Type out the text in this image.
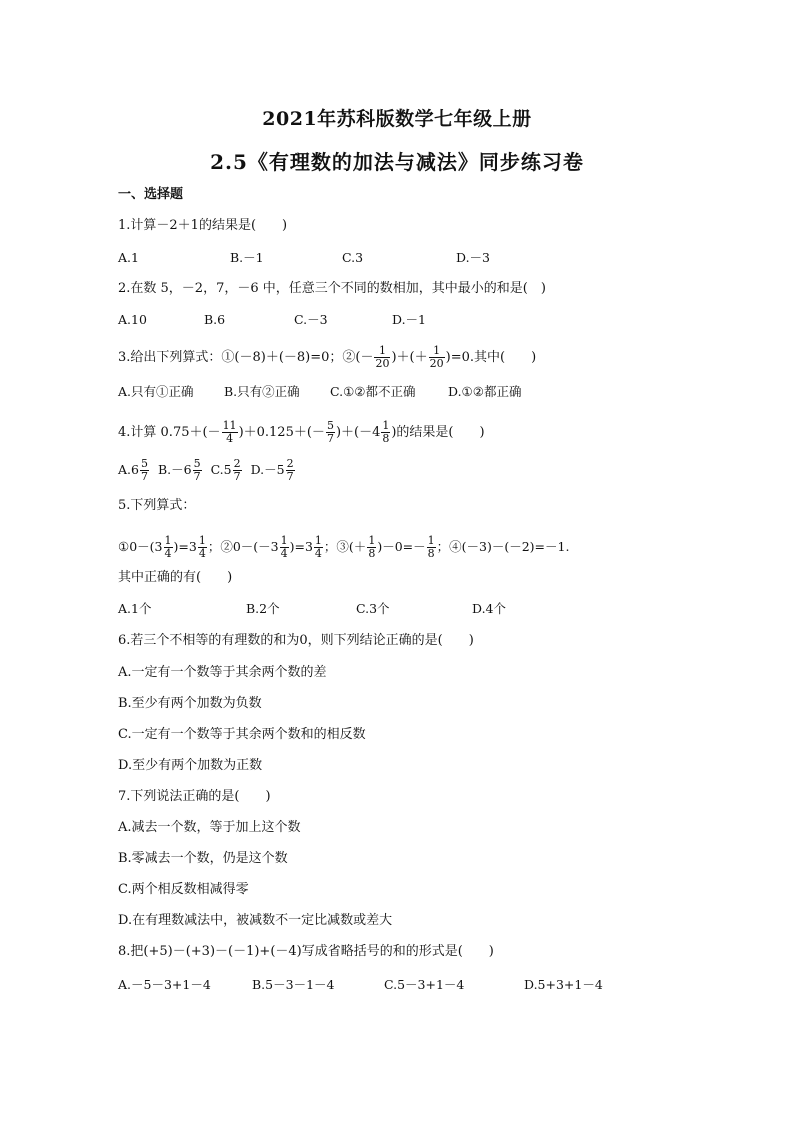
2021年苏科版数学七年级上册
2.5《有理数的加法与减法》同步练习卷
一、选择题
1.计算－2＋1的结果是(　　)
A.1	B.－1	C.3	D.－3
2.在数 5，－2，7，－6 中，任意三个不同的数相加，其中最小的和是(　)
A.10	B.6	C.－3	D.－1
3.给出下列算式：①(－8)＋(－8)=0；②(－ $\frac{1}{20}$ )＋(＋ $\frac{1}{20} )=0$.其中(　　)
A.只有①正确 B.只有②正确 C.①②都不正确	D.①②都正确
4.计算 $0.75+(- \frac{11}{4} )+0.125+(- \frac{5}{7} )+(-4 \frac{1}{8}$ )的结果是(　　)
$A.6 \frac{5}{7} B.-6 \frac{5}{7} C.5 \frac{2}{7} D.-5 \frac{2}{7}$
5.下列算式：
①0－(3 $\frac{1}{4} )=3 \frac{1}{4}$ ；②0－(－3 $\frac{1}{4} )=3 \frac{1}{4}$ ；③(＋ $\frac{1}{8} )-0=- \frac{1}{8}$ ；④(－3)－(－2)=－1.
其中正确的有(　　)
A.1个	B.2个	C.3个	D.4个
6.若三个不相等的有理数的和为0，则下列结论正确的是(　　)
A.一定有一个数等于其余两个数的差
B.至少有两个加数为负数
C.一定有一个数等于其余两个数和的相反数
D.至少有两个加数为正数
7.下列说法正确的是(　　)
A.减去一个数，等于加上这个数
B.零减去一个数，仍是这个数
C.两个相反数相减得零
D.在有理数减法中，被减数不一定比减数或差大
8.把(+5)－(+3)－(－1)+(－4)写成省略括号的和的形式是(　　)
A.－5－3+1－4	B.5－3－1－4	C.5－3+1－4	D.5+3+1－4
